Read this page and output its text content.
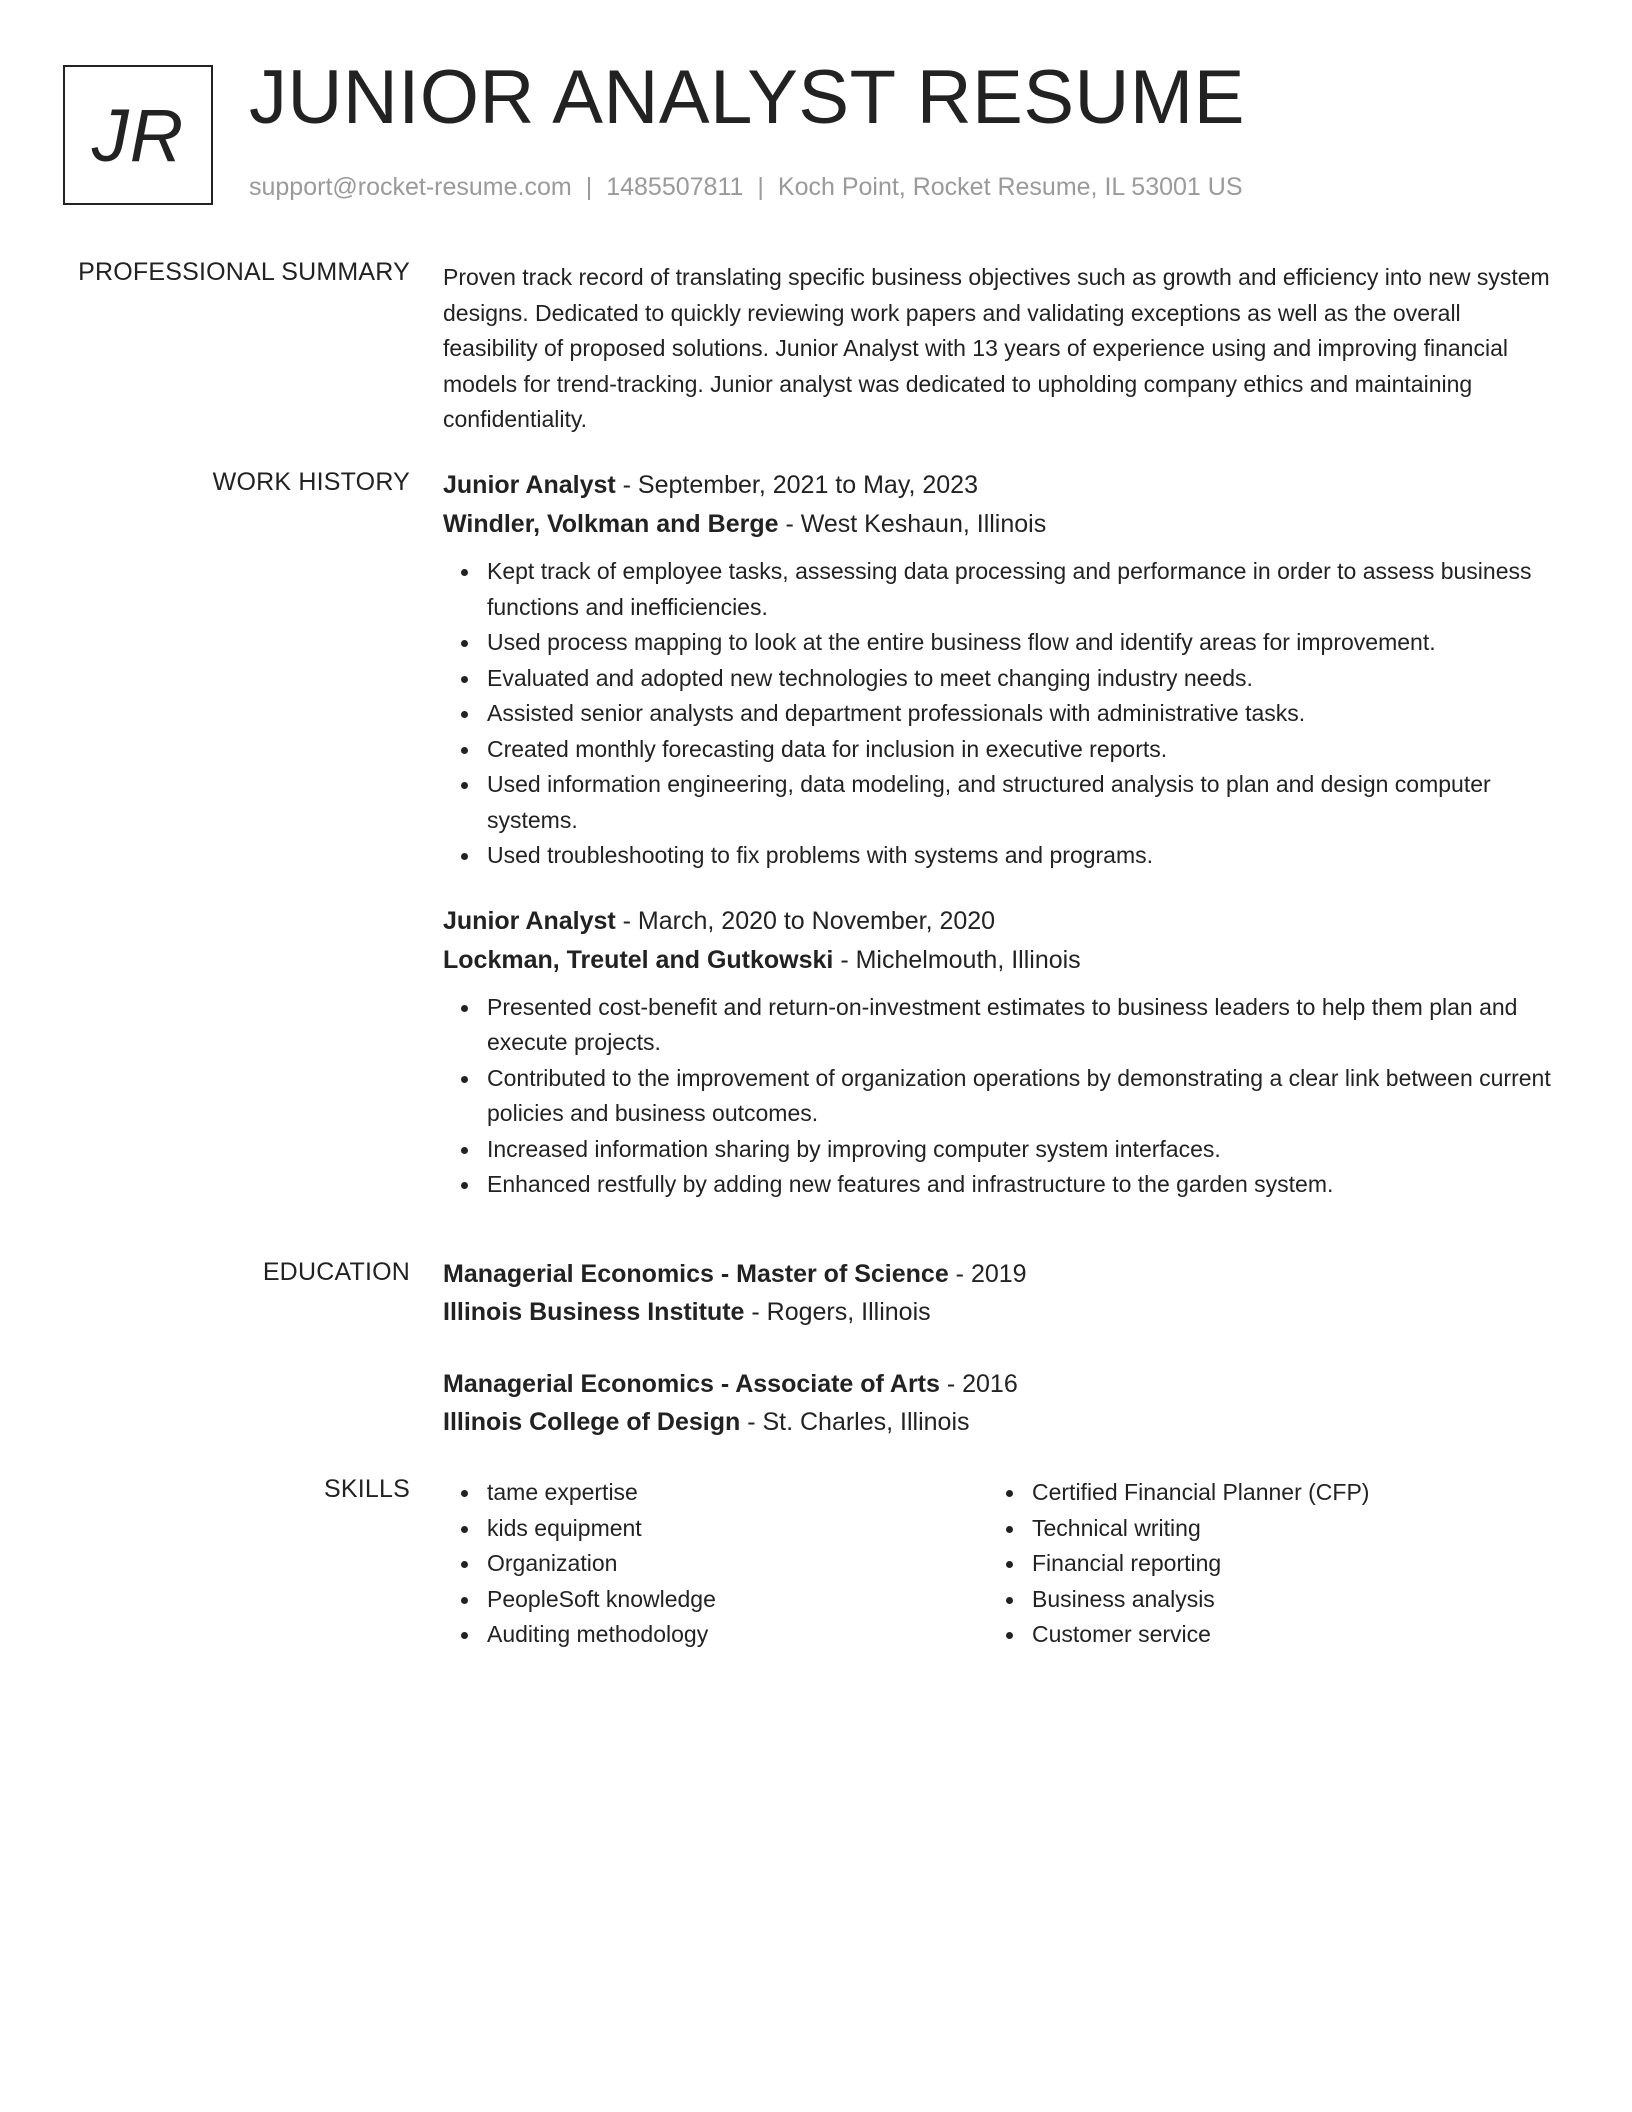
JR JUNIOR ANALYST RESUME
support@rocket-resume.com | 1485507811 | Koch Point, Rocket Resume, IL 53001 US
PROFESSIONAL SUMMARY Proven track record of translating specific business objectives such as growth and efficiency into new system designs. Dedicated to quickly reviewing work papers and validating exceptions as well as the overall feasibility of proposed solutions. Junior Analyst with 13 years of experience using and improving financial models for trend-tracking. Junior analyst was dedicated to upholding company ethics and maintaining confidentiality.

WORK HISTORY Junior Analyst - September, 2021 to May, 2023
Windler, Volkman and Berge - West Keshaun, Illinois
Kept track of employee tasks, assessing data processing and performance in order to assess business functions and inefficiencies.
Used process mapping to look at the entire business flow and identify areas for improvement.
Evaluated and adopted new technologies to meet changing industry needs.
Assisted senior analysts and department professionals with administrative tasks.
Created monthly forecasting data for inclusion in executive reports.
Used information engineering, data modeling, and structured analysis to plan and design computer systems.
Used troubleshooting to fix problems with systems and programs.
Junior Analyst - March, 2020 to November, 2020
Lockman, Treutel and Gutkowski - Michelmouth, Illinois
Presented cost-benefit and return-on-investment estimates to business leaders to help them plan and execute projects.
Contributed to the improvement of organization operations by demonstrating a clear link between current policies and business outcomes.
Increased information sharing by improving computer system interfaces.
Enhanced restfully by adding new features and infrastructure to the garden system.
EDUCATION Managerial Economics - Master of Science - 2019
Illinois Business Institute - Rogers, Illinois
Managerial Economics - Associate of Arts - 2016
Illinois College of Design - St. Charles, Illinois
SKILLS	tame expertise
kids equipment
Organization
PeopleSoft knowledge
Auditing methodology
Certified Financial Planner (CFP)
Technical writing
Financial reporting
Business analysis
Customer service
